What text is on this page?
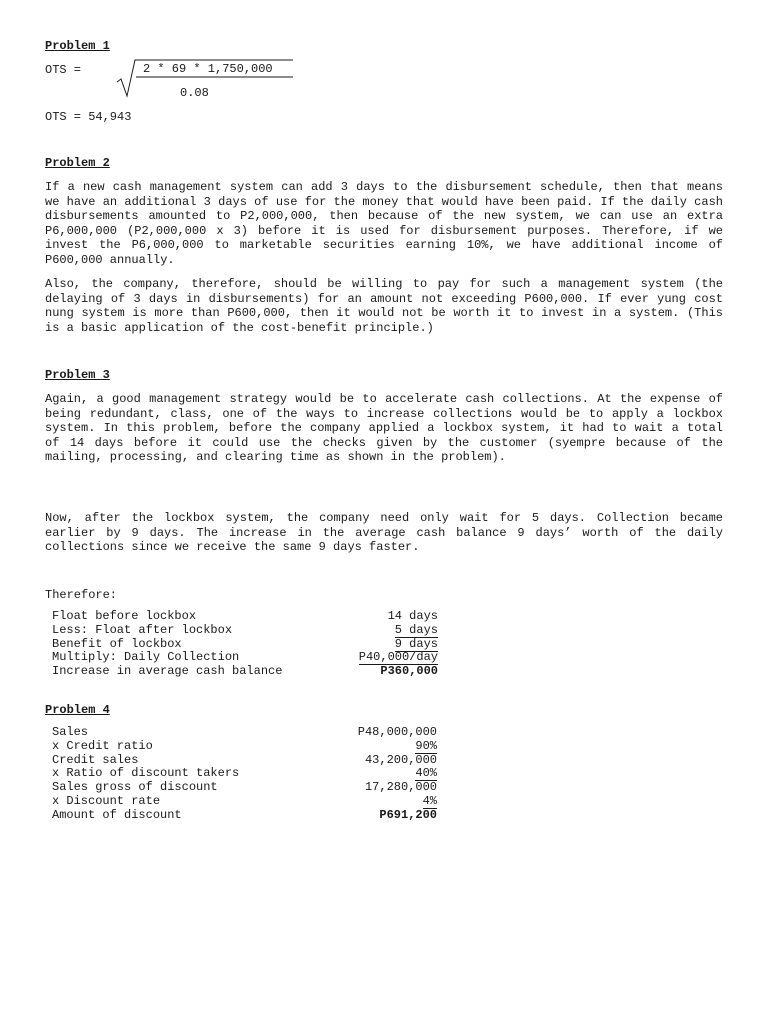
Problem 1
OTS =	2 * 69 * 1,750,000
0.08
OTS = 54,943
Problem 2
If a new cash management system can add 3 days to the disbursement schedule, then that means we have an additional 3 days of use for the money that would have been paid. If the daily cash disbursements amounted to P2,000,000, then because of the new system, we can use an extra P6,000,000 (P2,000,000 x 3) before it is used for disbursement purposes. Therefore, if we invest the P6,000,000 to marketable securities earning 10%, we have additional income of P600,000 annually.
Also, the company, therefore, should be willing to pay for such a management system (the delaying of 3 days in disbursements) for an amount not exceeding P600,000. If ever yung cost nung system is more than P600,000, then it would not be worth it to invest in a system. (This is a basic application of the cost-benefit principle.)
Problem 3
Again, a good management strategy would be to accelerate cash collections. At the expense of being redundant, class, one of the ways to increase collections would be to apply a lockbox system. In this problem, before the company applied a lockbox system, it had to wait a total of 14 days before it could use the checks given by the customer (syempre because of the mailing, processing, and clearing time as shown in the problem).
Now, after the lockbox system, the company need only wait for 5 days. Collection became earlier by 9 days. The increase in the average cash balance 9 days’ worth of the daily collections since we receive the same 9 days faster.
Therefore:
Float before lockbox	14 days
Less: Float after lockbox	5 days
Benefit of lockbox	9 days
Multiply: Daily Collection	P40,000/day
Increase in average cash balance	P360,000
Problem 4
Sales	P48,000,000
x Credit ratio	90%
Credit sales	43,200,000
x Ratio of discount takers	40%
Sales gross of discount	17,280,000
x Discount rate	4%
Amount of discount	P691,200
